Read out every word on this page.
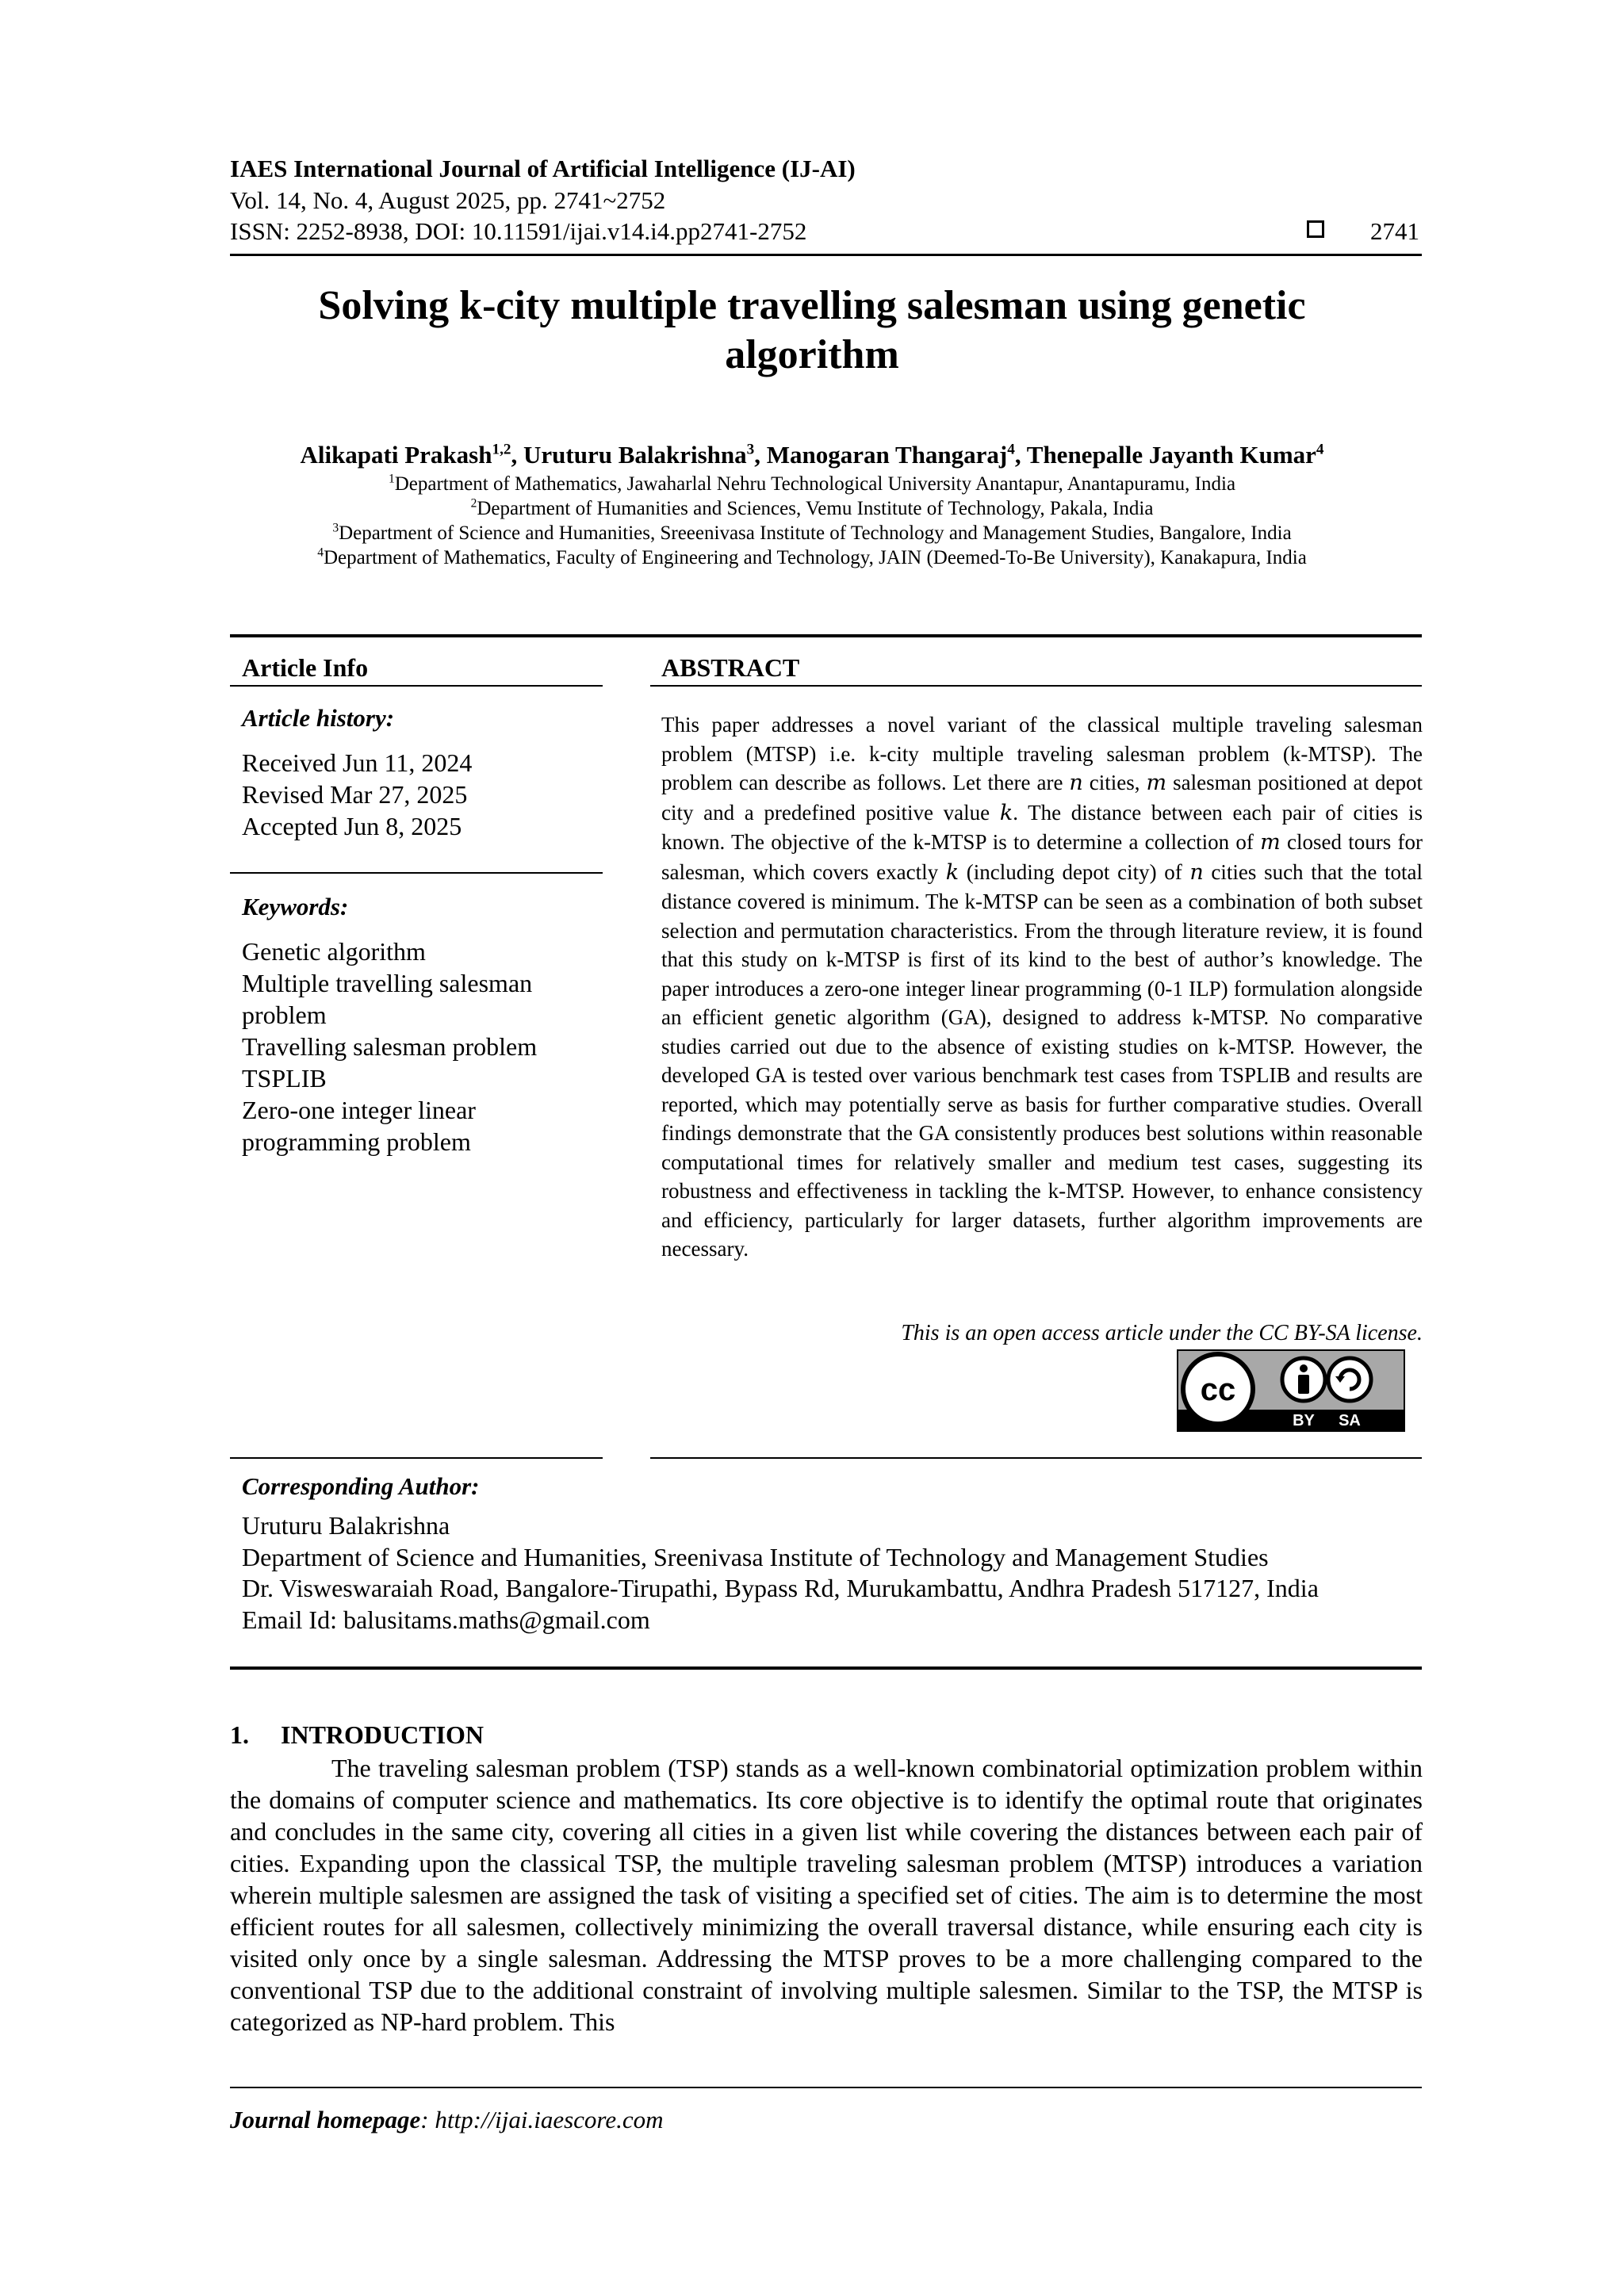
IAES International Journal of Artificial Intelligence (IJ-AI)
Vol. 14, No. 4, August 2025, pp. 2741~2752
ISSN: 2252-8938, DOI: 10.11591/ijai.v14.i4.pp2741-2752	2741
Solving k-city multiple travelling salesman using genetic
algorithm
Alikapati Prakash$^{1,2}$, Uruturu Balakrishna$^3$, Manogaran Thangaraj$^4$, Thenepalle Jayanth Kumar$^4$
$^1$Department of Mathematics, Jawaharlal Nehru Technological University Anantapur, Anantapuramu, India
$^2$Department of Humanities and Sciences, Vemu Institute of Technology, Pakala, India
$^3$Department of Science and Humanities, Sreeenivasa Institute of Technology and Management Studies, Bangalore, India
$^4$Department of Mathematics, Faculty of Engineering and Technology, JAIN (Deemed-To-Be University), Kanakapura, India
Article Info
Article history:
Received Jun 11, 2024
Revised Mar 27, 2025
Accepted Jun 8, 2025
Keywords:
Genetic algorithm
Multiple travelling salesman
problem
Travelling salesman problem
TSPLIB
Zero-one integer linear
programming problem
ABSTRACT
This paper addresses a novel variant of the classical multiple traveling salesman problem (MTSP) i.e. k-city multiple traveling salesman problem (k-MTSP). The problem can describe as follows. Let there are n cities, m salesman positioned at depot city and a predefined positive value k. The distance between each pair of cities is known. The objective of the k-MTSP is to determine a collection of m closed tours for salesman, which covers exactly k (including depot city) of n cities such that the total distance covered is minimum. The k-MTSP can be seen as a combination of both subset selection and permutation characteristics. From the through literature review, it is found that this study on k-MTSP is first of its kind to the best of author’s knowledge. The paper introduces a zero-one integer linear programming (0-1 ILP) formulation alongside an efficient genetic algorithm (GA), designed to address k-MTSP. No comparative studies carried out due to the absence of existing studies on k-MTSP. However, the developed GA is tested over various benchmark test cases from TSPLIB and results are reported, which may potentially serve as basis for further comparative studies. Overall findings demonstrate that the GA consistently produces best solutions within reasonable computational times for relatively smaller and medium test cases, suggesting its robustness and effectiveness in tackling the k-MTSP. However, to enhance consistency and efficiency, particularly for larger datasets, further algorithm improvements are necessary.
This is an open access article under the CC BY-SA license.
cc
BY SA
Corresponding Author:
Uruturu Balakrishna
Department of Science and Humanities, Sreenivasa Institute of Technology and Management Studies
Dr. Visweswaraiah Road, Bangalore-Tirupathi, Bypass Rd, Murukambattu, Andhra Pradesh 517127, India
Email Id: balusitams.maths@gmail.com
1. INTRODUCTION
The traveling salesman problem (TSP) stands as a well-known combinatorial optimization problem within the domains of computer science and mathematics. Its core objective is to identify the optimal route that originates and concludes in the same city, covering all cities in a given list while covering the distances between each pair of cities. Expanding upon the classical TSP, the multiple traveling salesman problem (MTSP) introduces a variation wherein multiple salesmen are assigned the task of visiting a specified set of cities. The aim is to determine the most efficient routes for all salesmen, collectively minimizing the overall traversal distance, while ensuring each city is visited only once by a single salesman. Addressing the MTSP proves to be a more challenging compared to the conventional TSP due to the additional constraint of involving multiple salesmen. Similar to the TSP, the MTSP is categorized as NP-hard problem. This
Journal homepage: http://ijai.iaescore.com
